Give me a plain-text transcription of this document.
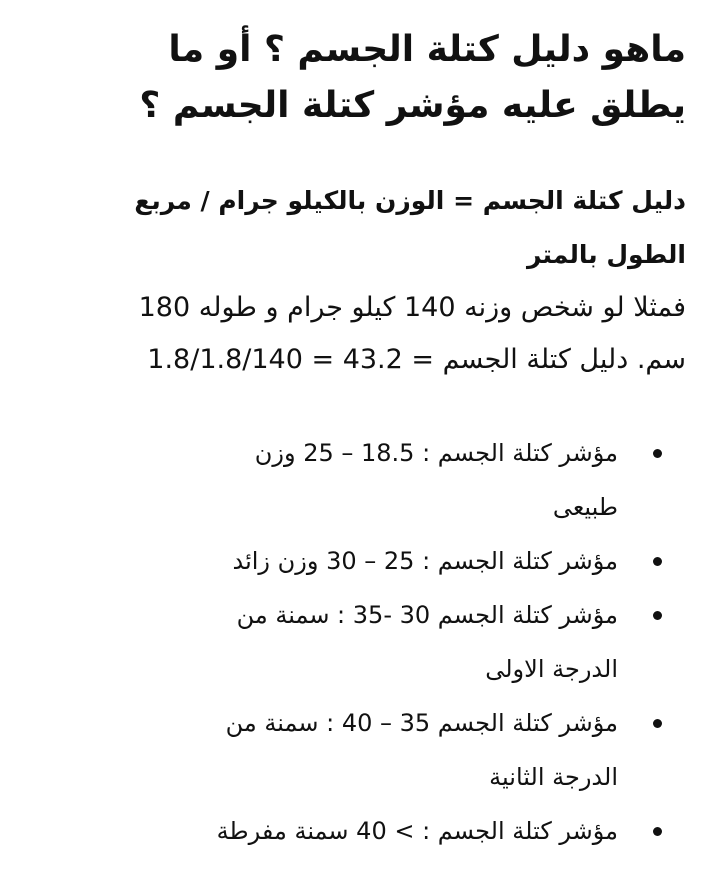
ماهو دليل كتلة الجسم ؟ أو ما
يطلق عليه مؤشر كتلة الجسم ؟

دليل كتلة الجسم = الوزن بالكيلو جرام / مربع
الطول بالمتر

فمثلا لو شخص وزنه 140 كيلو جرام و طوله 180
سم. دليل كتلة الجسم = 43.2 = 1.8/1.8/140

مؤشر كتلة الجسم : 18.5 – 25 وزن
طبيعى
مؤشر كتلة الجسم : 25 – 30 وزن زائد
مؤشر كتلة الجسم 30 -35 : سمنة من
الدرجة الاولى
مؤشر كتلة الجسم 35 – 40 : سمنة من
الدرجة الثانية
مؤشر كتلة الجسم : > 40 سمنة مفرطة
